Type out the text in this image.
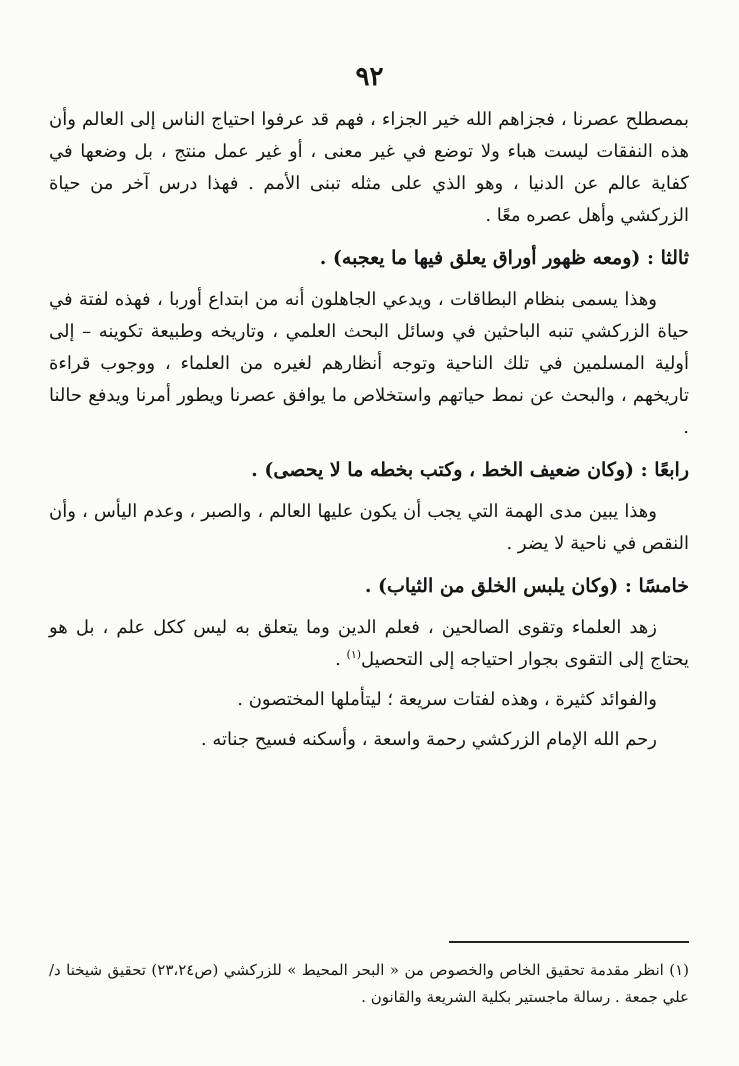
٩٢

بمصطلح عصرنا ، فجزاهم الله خير الجزاء ، فهم قد عرفوا احتياج الناس إلى العالم وأن هذه النفقات ليست هباء ولا توضع في غير معنى ، أو غير عمل منتج ، بل وضعها في كفاية عالم عن الدنيا ، وهو الذي على مثله تبنى الأمم . فهذا درس آخر من حياة الزركشي وأهل عصره معًا .

ثالثا : (ومعه ظهور أوراق يعلق فيها ما يعجبه) .

وهذا يسمى بنظام البطاقات ، ويدعي الجاهلون أنه من ابتداع أوربا ، فهذه لفتة في حياة الزركشي تنبه الباحثين في وسائل البحث العلمي ، وتاريخه وطبيعة تكوينه – إلى أولية المسلمين في تلك الناحية وتوجه أنظارهم لغيره من العلماء ، ووجوب قراءة تاريخهم ، والبحث عن نمط حياتهم واستخلاص ما يوافق عصرنا ويطور أمرنا ويدفع حالنا .

رابعًا : (وكان ضعيف الخط ، وكتب بخطه ما لا يحصى) .

وهذا يبين مدى الهمة التي يجب أن يكون عليها العالم ، والصبر ، وعدم اليأس ، وأن النقص في ناحية لا يضر .

خامسًا : (وكان يلبس الخلق من الثياب) .

زهد العلماء وتقوى الصالحين ، فعلم الدين وما يتعلق به ليس ككل علم ، بل هو يحتاج إلى التقوى بجوار احتياجه إلى التحصيل$^{(١)}$ .

والفوائد كثيرة ، وهذه لفتات سريعة ؛ ليتأملها المختصون .

رحم الله الإمام الزركشي رحمة واسعة ، وأسكنه فسيح جناته .

(١) انظر مقدمة تحقيق الخاص والخصوص من « البحر المحيط » للزركشي (ص٢٣،٢٤) تحقيق شيخنا د/ علي جمعة . رسالة ماجستير بكلية الشريعة والقانون .
